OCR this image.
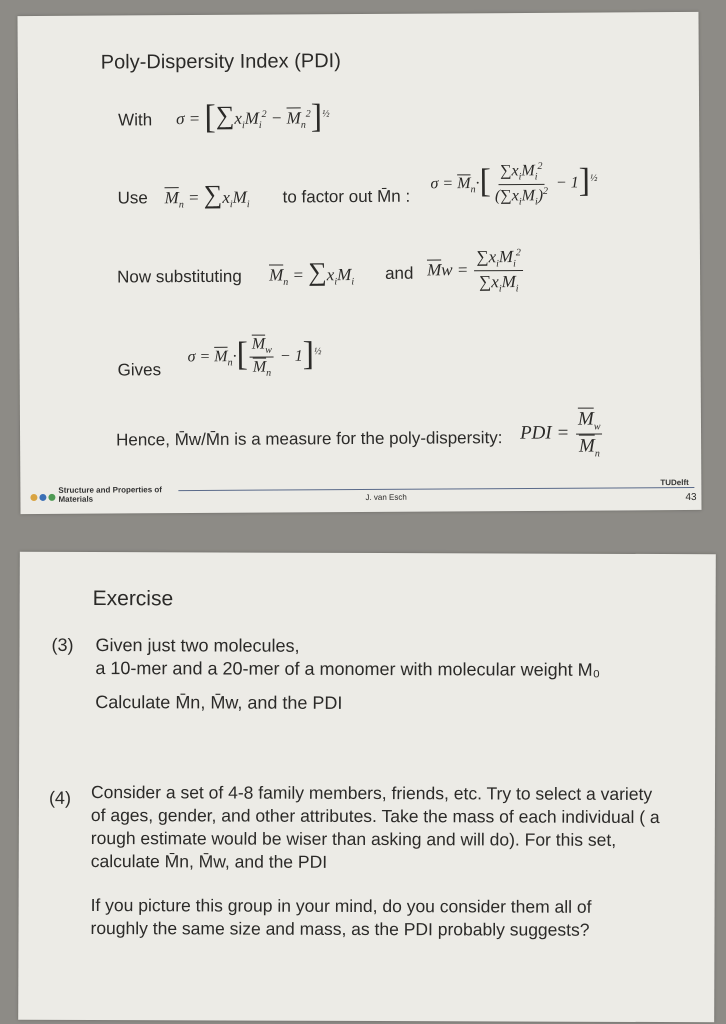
Poly-Dispersity Index (PDI)
With $\sigma = [\sum x_iM_i^2 - \overline{M}_n^2]^{\frac{1}{2}}$
Use $\overline{M}_n = \sum x_iM_i$ to factor out M̄n :
$\sigma = \overline{M}_n\cdot[ \frac{\sum x_iM_i^2}{(\sum x_iM_i)^2} - 1]^{\frac{1}{2}}$
Now substituting $\overline{M}_n = \sum x_iM_i$ and $\overline{M}w = \frac{\sum x_iM_i^2}{\sum x_iM_i}$
Gives
$\sigma = \overline{M}_n\cdot[ \frac{\overline{M}_w}{\overline{M}_n} - 1]^{\frac{1}{2}}$
Hence, M̄w/M̄n is a measure for the poly-dispersity: PDI = $\frac{\overline{M}_w}{\overline{M}_n}$
Structure and Properties of
Materials	J. van Esch
TUDelft
43
Exercise
(3) Given just two molecules,
a 10-mer and a 20-mer of a monomer with molecular weight M₀
Calculate M̄n, M̄w, and the PDI
(4) Consider a set of 4-8 family members, friends, etc. Try to select a variety
of ages, gender, and other attributes. Take the mass of each individual ( a
rough estimate would be wiser than asking and will do). For this set,
calculate M̄n, M̄w, and the PDI
If you picture this group in your mind, do you consider them all of
roughly the same size and mass, as the PDI probably suggests?
